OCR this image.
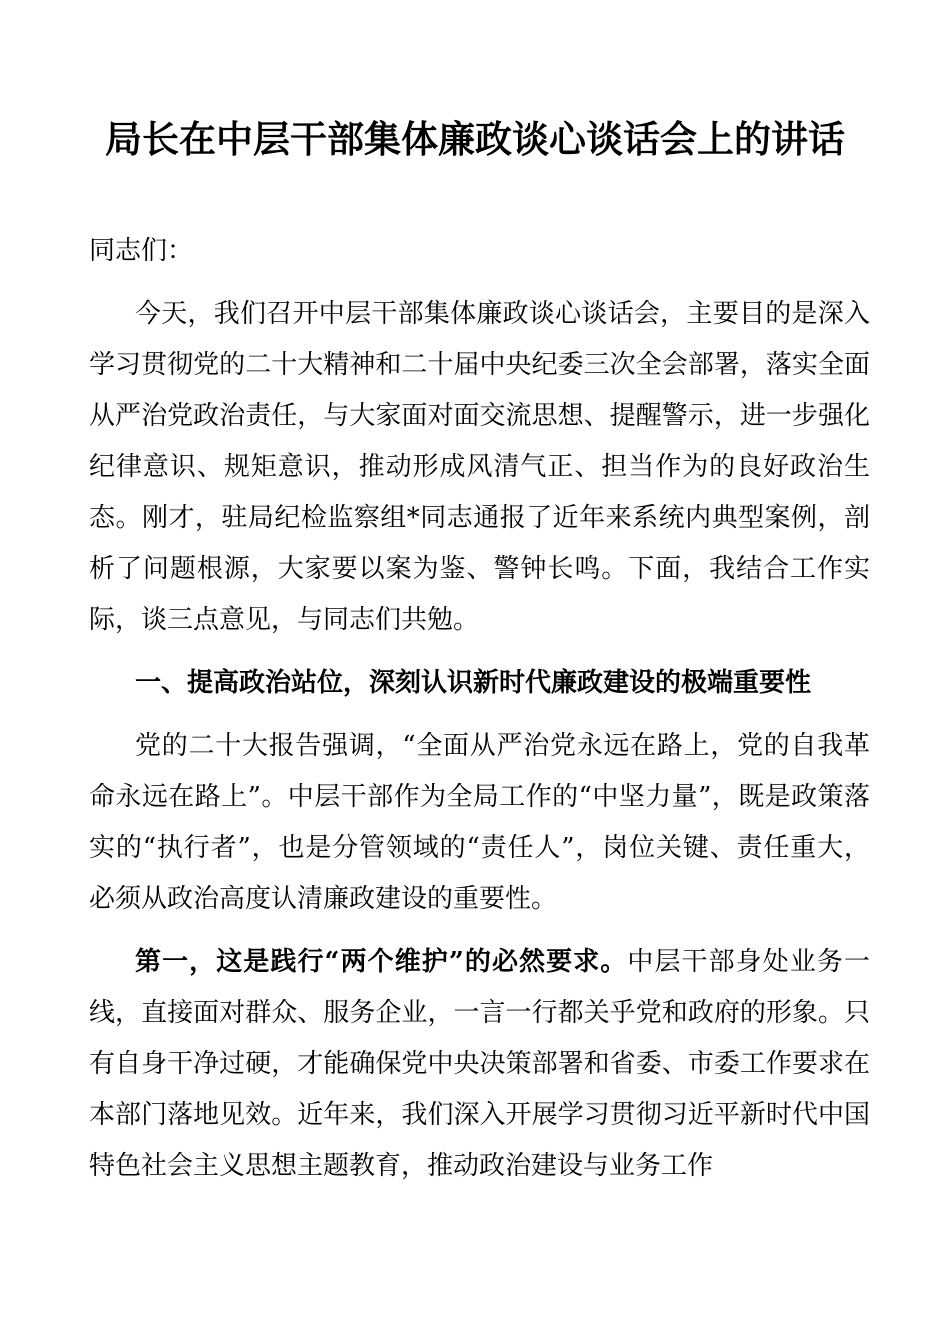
局长在中层干部集体廉政谈心谈话会上的讲话

同志们：

今天，我们召开中层干部集体廉政谈心谈话会，主要目的是深入学习贯彻党的二十大精神和二十届中央纪委三次全会部署，落实全面从严治党政治责任，与大家面对面交流思想、提醒警示，进一步强化纪律意识、规矩意识，推动形成风清气正、担当作为的良好政治生态。刚才，驻局纪检监察组*同志通报了近年来系统内典型案例，剖析了问题根源，大家要以案为鉴、警钟长鸣。下面，我结合工作实际，谈三点意见，与同志们共勉。

一、提高政治站位，深刻认识新时代廉政建设的极端重要性

党的二十大报告强调，“全面从严治党永远在路上，党的自我革命永远在路上”。中层干部作为全局工作的“中坚力量”，既是政策落实的“执行者”，也是分管领域的“责任人”，岗位关键、责任重大，必须从政治高度认清廉政建设的重要性。

第一，这是践行“两个维护”的必然要求。中层干部身处业务一线，直接面对群众、服务企业，一言一行都关乎党和政府的形象。只有自身干净过硬，才能确保党中央决策部署和省委、市委工作要求在本部门落地见效。近年来，我们深入开展学习贯彻习近平新时代中国特色社会主义思想主题教育，推动政治建设与业务工作
